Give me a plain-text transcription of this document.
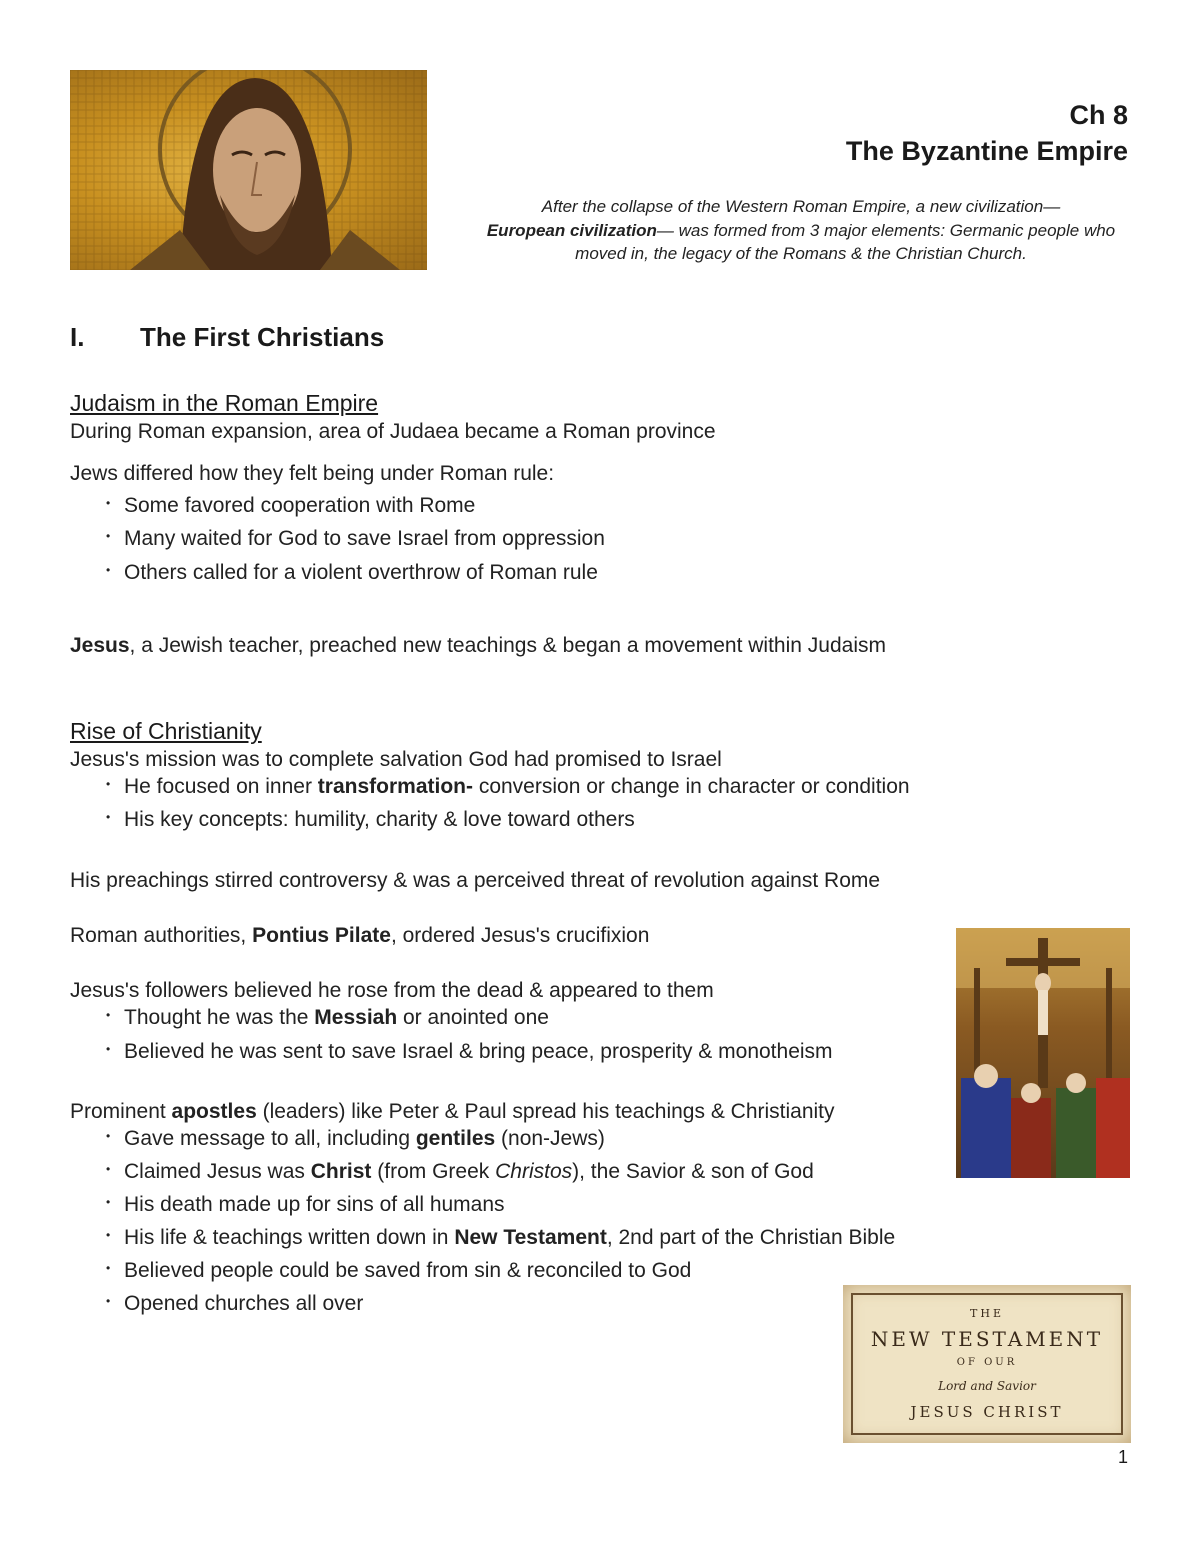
Ch 8
The Byzantine Empire
After the collapse of the Western Roman Empire, a new civilization—
European civilization— was formed from 3 major elements: Germanic people who moved in, the legacy of the Romans & the Christian Church.
I. The First Christians
Judaism in the Roman Empire
During Roman expansion, area of Judaea became a Roman province
Jews differed how they felt being under Roman rule:
• Some favored cooperation with Rome
• Many waited for God to save Israel from oppression
• Others called for a violent overthrow of Roman rule
Jesus, a Jewish teacher, preached new teachings & began a movement within Judaism
Rise of Christianity
Jesus's mission was to complete salvation God had promised to Israel
• He focused on inner transformation- conversion or change in character or condition
• His key concepts: humility, charity & love toward others
His preachings stirred controversy & was a perceived threat of revolution against Rome
Roman authorities, Pontius Pilate, ordered Jesus's crucifixion
Jesus's followers believed he rose from the dead & appeared to them
• Thought he was the Messiah or anointed one
• Believed he was sent to save Israel & bring peace, prosperity & monotheism
Prominent apostles (leaders) like Peter & Paul spread his teachings & Christianity
• Gave message to all, including gentiles (non-Jews)
• Claimed Jesus was Christ (from Greek Christos), the Savior & son of God
• His death made up for sins of all humans
• His life & teachings written down in New Testament, 2nd part of the Christian Bible
• Believed people could be saved from sin & reconciled to God
• Opened churches all over	THE
NEW TESTAMENT
OF OUR
Lord and Savior
JESUS CHRIST
1
